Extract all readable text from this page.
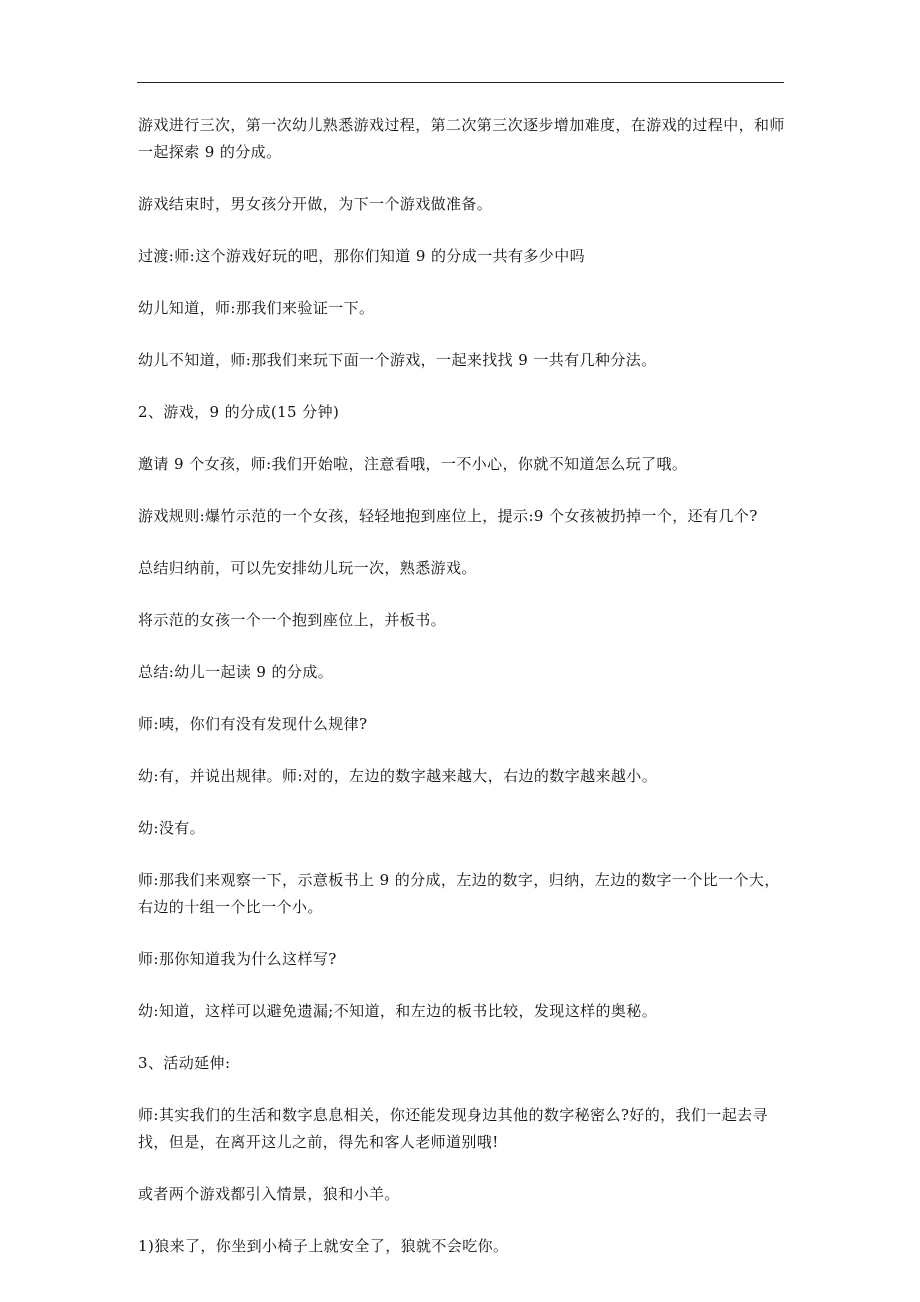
游戏进行三次，第一次幼儿熟悉游戏过程，第二次第三次逐步增加难度，在游戏的过程中，和师一起探索 9 的分成。

游戏结束时，男女孩分开做，为下一个游戏做准备。

过渡:师:这个游戏好玩的吧，那你们知道 9 的分成一共有多少中吗

幼儿知道，师:那我们来验证一下。

幼儿不知道，师:那我们来玩下面一个游戏，一起来找找 9 一共有几种分法。

2、游戏，9 的分成(15 分钟)

邀请 9 个女孩，师:我们开始啦，注意看哦，一不小心，你就不知道怎么玩了哦。

游戏规则:爆竹示范的一个女孩，轻轻地抱到座位上，提示:9 个女孩被扔掉一个，还有几个?

总结归纳前，可以先安排幼儿玩一次，熟悉游戏。

将示范的女孩一个一个抱到座位上，并板书。

总结:幼儿一起读 9 的分成。

师:咦，你们有没有发现什么规律?

幼:有，并说出规律。师:对的，左边的数字越来越大，右边的数字越来越小。

幼:没有。

师:那我们来观察一下，示意板书上 9 的分成，左边的数字，归纳，左边的数字一个比一个大，右边的十组一个比一个小。

师:那你知道我为什么这样写?

幼:知道，这样可以避免遗漏;不知道，和左边的板书比较，发现这样的奥秘。

3、活动延伸:

师:其实我们的生活和数字息息相关，你还能发现身边其他的数字秘密么?好的，我们一起去寻找，但是，在离开这儿之前，得先和客人老师道别哦!

或者两个游戏都引入情景，狼和小羊。

1)狼来了，你坐到小椅子上就安全了，狼就不会吃你。
